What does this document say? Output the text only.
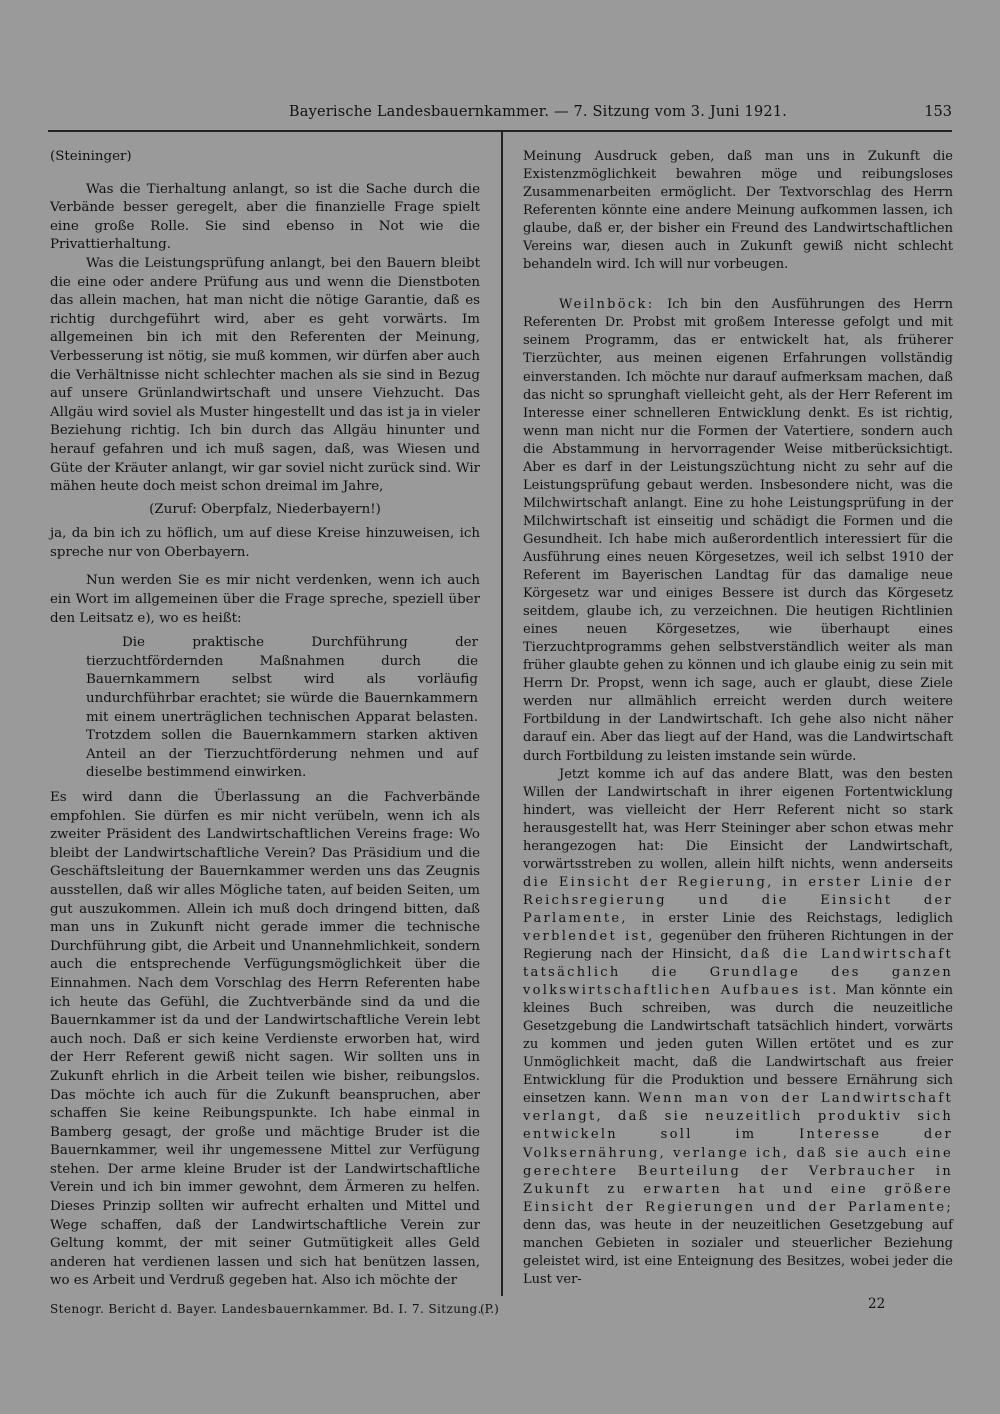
Bayerische Landesbauernkammer. — 7. Sitzung vom 3. Juni 1921.	153

(Steininger)

Was die Tierhaltung anlangt, so ist die Sache durch die Verbände besser geregelt, aber die finanzielle Frage spielt eine große Rolle. Sie sind ebenso in Not wie die Privattierhaltung.

Was die Leistungsprüfung anlangt, bei den Bauern bleibt die eine oder andere Prüfung aus und wenn die Dienstboten das allein machen, hat man nicht die nötige Garantie, daß es richtig durchgeführt wird, aber es geht vorwärts. Im allgemeinen bin ich mit den Referenten der Meinung, Verbesserung ist nötig, sie muß kommen, wir dürfen aber auch die Verhältnisse nicht schlechter machen als sie sind in Bezug auf unsere Grünlandwirtschaft und unsere Viehzucht. Das Allgäu wird soviel als Muster hingestellt und das ist ja in vieler Beziehung richtig. Ich bin durch das Allgäu hinunter und herauf gefahren und ich muß sagen, daß, was Wiesen und Güte der Kräuter anlangt, wir gar soviel nicht zurück sind. Wir mähen heute doch meist schon dreimal im Jahre,

(Zuruf: Oberpfalz, Niederbayern!)

ja, da bin ich zu höflich, um auf diese Kreise hinzuweisen, ich spreche nur von Oberbayern.

Nun werden Sie es mir nicht verdenken, wenn ich auch ein Wort im allgemeinen über die Frage spreche, speziell über den Leitsatz e), wo es heißt:

Die praktische Durchführung der tierzuchtfördernden Maßnahmen durch die Bauernkammern selbst wird als vorläufig undurchführbar erachtet; sie würde die Bauernkammern mit einem unerträglichen technischen Apparat belasten. Trotzdem sollen die Bauernkammern starken aktiven Anteil an der Tierzuchtförderung nehmen und auf dieselbe bestimmend einwirken.

Es wird dann die Überlassung an die Fachverbände empfohlen. Sie dürfen es mir nicht verübeln, wenn ich als zweiter Präsident des Landwirtschaftlichen Vereins frage: Wo bleibt der Landwirtschaftliche Verein? Das Präsidium und die Geschäftsleitung der Bauernkammer werden uns das Zeugnis ausstellen, daß wir alles Mögliche taten, auf beiden Seiten, um gut auszukommen. Allein ich muß doch dringend bitten, daß man uns in Zukunft nicht gerade immer die technische Durchführung gibt, die Arbeit und Unannehmlichkeit, sondern auch die entsprechende Verfügungsmöglichkeit über die Einnahmen. Nach dem Vorschlag des Herrn Referenten habe ich heute das Gefühl, die Zuchtverbände sind da und die Bauernkammer ist da und der Landwirtschaftliche Verein lebt auch noch. Daß er sich keine Verdienste erworben hat, wird der Herr Referent gewiß nicht sagen. Wir sollten uns in Zukunft ehrlich in die Arbeit teilen wie bisher, reibungslos. Das möchte ich auch für die Zukunft beanspruchen, aber schaffen Sie keine Reibungspunkte. Ich habe einmal in Bamberg gesagt, der große und mächtige Bruder ist die Bauernkammer, weil ihr ungemessene Mittel zur Verfügung stehen. Der arme kleine Bruder ist der Landwirtschaftliche Verein und ich bin immer gewohnt, dem Ärmeren zu helfen. Dieses Prinzip sollten wir aufrecht erhalten und Mittel und Wege schaffen, daß der Landwirtschaftliche Verein zur Geltung kommt, der mit seiner Gutmütigkeit alles Geld anderen hat verdienen lassen und sich hat benützen lassen, wo es Arbeit und Verdruß gegeben hat. Also ich möchte der

Meinung Ausdruck geben, daß man uns in Zukunft die Existenzmöglichkeit bewahren möge und reibungsloses Zusammenarbeiten ermöglicht. Der Textvorschlag des Herrn Referenten könnte eine andere Meinung aufkommen lassen, ich glaube, daß er, der bisher ein Freund des Landwirtschaftlichen Vereins war, diesen auch in Zukunft gewiß nicht schlecht behandeln wird. Ich will nur vorbeugen.

Weilnböck: Ich bin den Ausführungen des Herrn Referenten Dr. Probst mit großem Interesse gefolgt und mit seinem Programm, das er entwickelt hat, als früherer Tierzüchter, aus meinen eigenen Erfahrungen vollständig einverstanden. Ich möchte nur darauf aufmerksam machen, daß das nicht so sprunghaft vielleicht geht, als der Herr Referent im Interesse einer schnelleren Entwicklung denkt. Es ist richtig, wenn man nicht nur die Formen der Vatertiere, sondern auch die Abstammung in hervorragender Weise mitberücksichtigt. Aber es darf in der Leistungszüchtung nicht zu sehr auf die Leistungsprüfung gebaut werden. Insbesondere nicht, was die Milchwirtschaft anlangt. Eine zu hohe Leistungsprüfung in der Milchwirtschaft ist einseitig und schädigt die Formen und die Gesundheit. Ich habe mich außerordentlich interessiert für die Ausführung eines neuen Körgesetzes, weil ich selbst 1910 der Referent im Bayerischen Landtag für das damalige neue Körgesetz war und einiges Bessere ist durch das Körgesetz seitdem, glaube ich, zu verzeichnen. Die heutigen Richtlinien eines neuen Körgesetzes, wie überhaupt eines Tierzuchtprogramms gehen selbstverständlich weiter als man früher glaubte gehen zu können und ich glaube einig zu sein mit Herrn Dr. Propst, wenn ich sage, auch er glaubt, diese Ziele werden nur allmählich erreicht werden durch weitere Fortbildung in der Landwirtschaft. Ich gehe also nicht näher darauf ein. Aber das liegt auf der Hand, was die Landwirtschaft durch Fortbildung zu leisten imstande sein würde.

Jetzt komme ich auf das andere Blatt, was den besten Willen der Landwirtschaft in ihrer eigenen Fortentwicklung hindert, was vielleicht der Herr Referent nicht so stark herausgestellt hat, was Herr Steininger aber schon etwas mehr herangezogen hat: Die Einsicht der Landwirtschaft, vorwärtsstreben zu wollen, allein hilft nichts, wenn anderseits die Einsicht der Regierung, in erster Linie der Reichsregierung und die Einsicht der Parlamente, in erster Linie des Reichstags, lediglich verblendet ist, gegenüber den früheren Richtungen in der Regierung nach der Hinsicht, daß die Landwirtschaft tatsächlich die Grundlage des ganzen volkswirtschaftlichen Aufbaues ist. Man könnte ein kleines Buch schreiben, was durch die neuzeitliche Gesetzgebung die Landwirtschaft tatsächlich hindert, vorwärts zu kommen und jeden guten Willen ertötet und es zur Unmöglichkeit macht, daß die Landwirtschaft aus freier Entwicklung für die Produktion und bessere Ernährung sich einsetzen kann. Wenn man von der Landwirtschaft verlangt, daß sie neuzeitlich produktiv sich entwickeln soll im Interesse der Volksernährung, verlange ich, daß sie auch eine gerechtere Beurteilung der Verbraucher in Zukunft zu erwarten hat und eine größere Einsicht der Regierungen und der Parlamente; denn das, was heute in der neuzeitlichen Gesetzgebung auf manchen Gebieten in sozialer und steuerlicher Beziehung geleistet wird, ist eine Enteignung des Besitzes, wobei jeder die Lust ver-

Stenogr. Bericht d. Bayer. Landesbauernkammer. Bd. I. 7. Sitzung.
(P.)	22
